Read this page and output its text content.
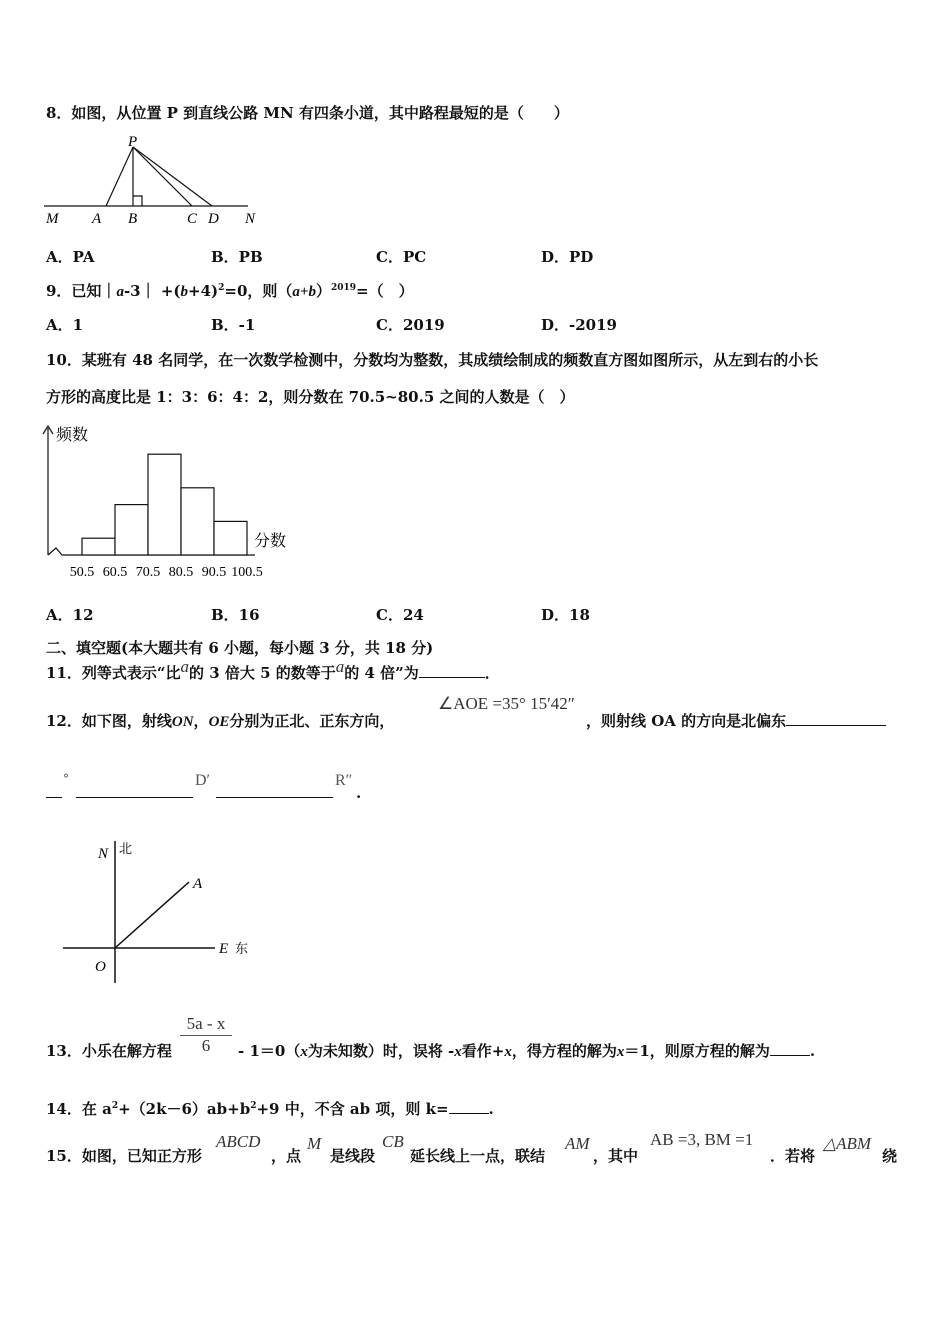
8．如图，从位置 P 到直线公路 MN 有四条小道，其中路程最短的是（　　）
P
M A B	C D N
A．PA	B．PB	C．PC	D．PD
9．已知｜a-3｜ $+(b+4)^2=0$，则$(a+b)^{2019}=$（　）
A．1	B．-1	C．2019	D．-2019
10．某班有 48 名同学，在一次数学检测中，分数均为整数，其成绩绘制成的频数直方图如图所示，从左到右的小长
方形的高度比是 1：3：6：4：2，则分数在 70.5~80.5 之间的人数是（　）
频数
分数
50.5 60.5 70.5 80.5 90.5 100.5
A．12	B．16	C．24	D．18
二、填空题(本大题共有 6 小题，每小题 3 分，共 18 分)
11．列等式表示“比a的 3 倍大 5 的数等于a的 4 倍”为	．
12．如下图，射线ON，OE分别为正北、正东方向，
∠AOE =35° 15′42″
，则射线 OA 的方向是北偏东
°	D′	R″
.
N 北
A
O
E 东
13．小乐在解方程
5a - x
6	- 1＝0（x为未知数）时，误将 -x看作+x，得方程的解为x＝1，则原方程的解为	.
14．在 $a^2+(2k-6)ab+b^2+9$ 中，不含 ab 项，则 k=	.
15．如图，已知正方形
ABCD
，点
M
是线段
CB
延长线上一点，联结
AM
，其中
AB =3, BM =1
．若将
△ABM
绕
